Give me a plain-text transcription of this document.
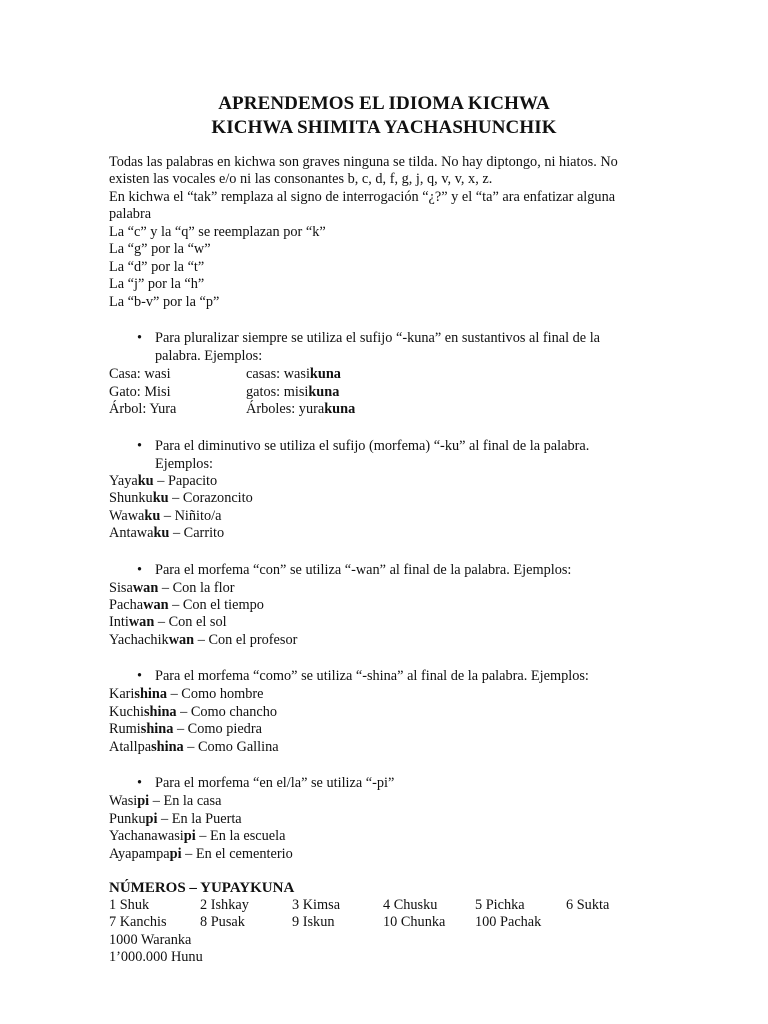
APRENDEMOS EL IDIOMA KICHWA
KICHWA SHIMITA YACHASHUNCHIK
Todas las palabras en kichwa son graves ninguna se tilda. No hay diptongo, ni hiatos. No
existen las vocales e/o ni las consonantes b, c, d, f, g, j, q, v, v, x, z.
En kichwa el “tak” remplaza al signo de interrogación “¿?” y el “ta” ara enfatizar alguna
palabra
La “c” y la “q” se reemplazan por “k”
La “g” por la “w”
La “d” por la “t”
La “j” por la “h”
La “b-v” por la “p”
• Para pluralizar siempre se utiliza el sufijo “-kuna” en sustantivos al final de la
palabra. Ejemplos:
Casa: wasi	casas: wasikuna
Gato: Misi	gatos: misikuna
Árbol: Yura	Árboles: yurakuna
• Para el diminutivo se utiliza el sufijo (morfema) “-ku” al final de la palabra.
Ejemplos:
Yayaku – Papacito
Shunkuku – Corazoncito
Wawaku – Niñito/a
Antawaku – Carrito
• Para el morfema “con” se utiliza “-wan” al final de la palabra. Ejemplos:
Sisawan – Con la flor
Pachawan – Con el tiempo
Intiwan – Con el sol
Yachachikwan – Con el profesor
• Para el morfema “como” se utiliza “-shina” al final de la palabra. Ejemplos:
Karishina – Como hombre
Kuchishina – Como chancho
Rumishina – Como piedra
Atallpashina – Como Gallina
• Para el morfema “en el/la” se utiliza “-pi”
Wasipi – En la casa
Punkupi – En la Puerta
Yachanawasipi – En la escuela
Ayapampapi – En el cementerio
NÚMEROS – YUPAYKUNA
1 Shuk	2 Ishkay	3 Kimsa	4 Chusku	5 Pichka	6 Sukta
7 Kanchis 8 Pusak	9 Iskun	10 Chunka 100 Pachak
1000 Waranka
1’000.000 Hunu
